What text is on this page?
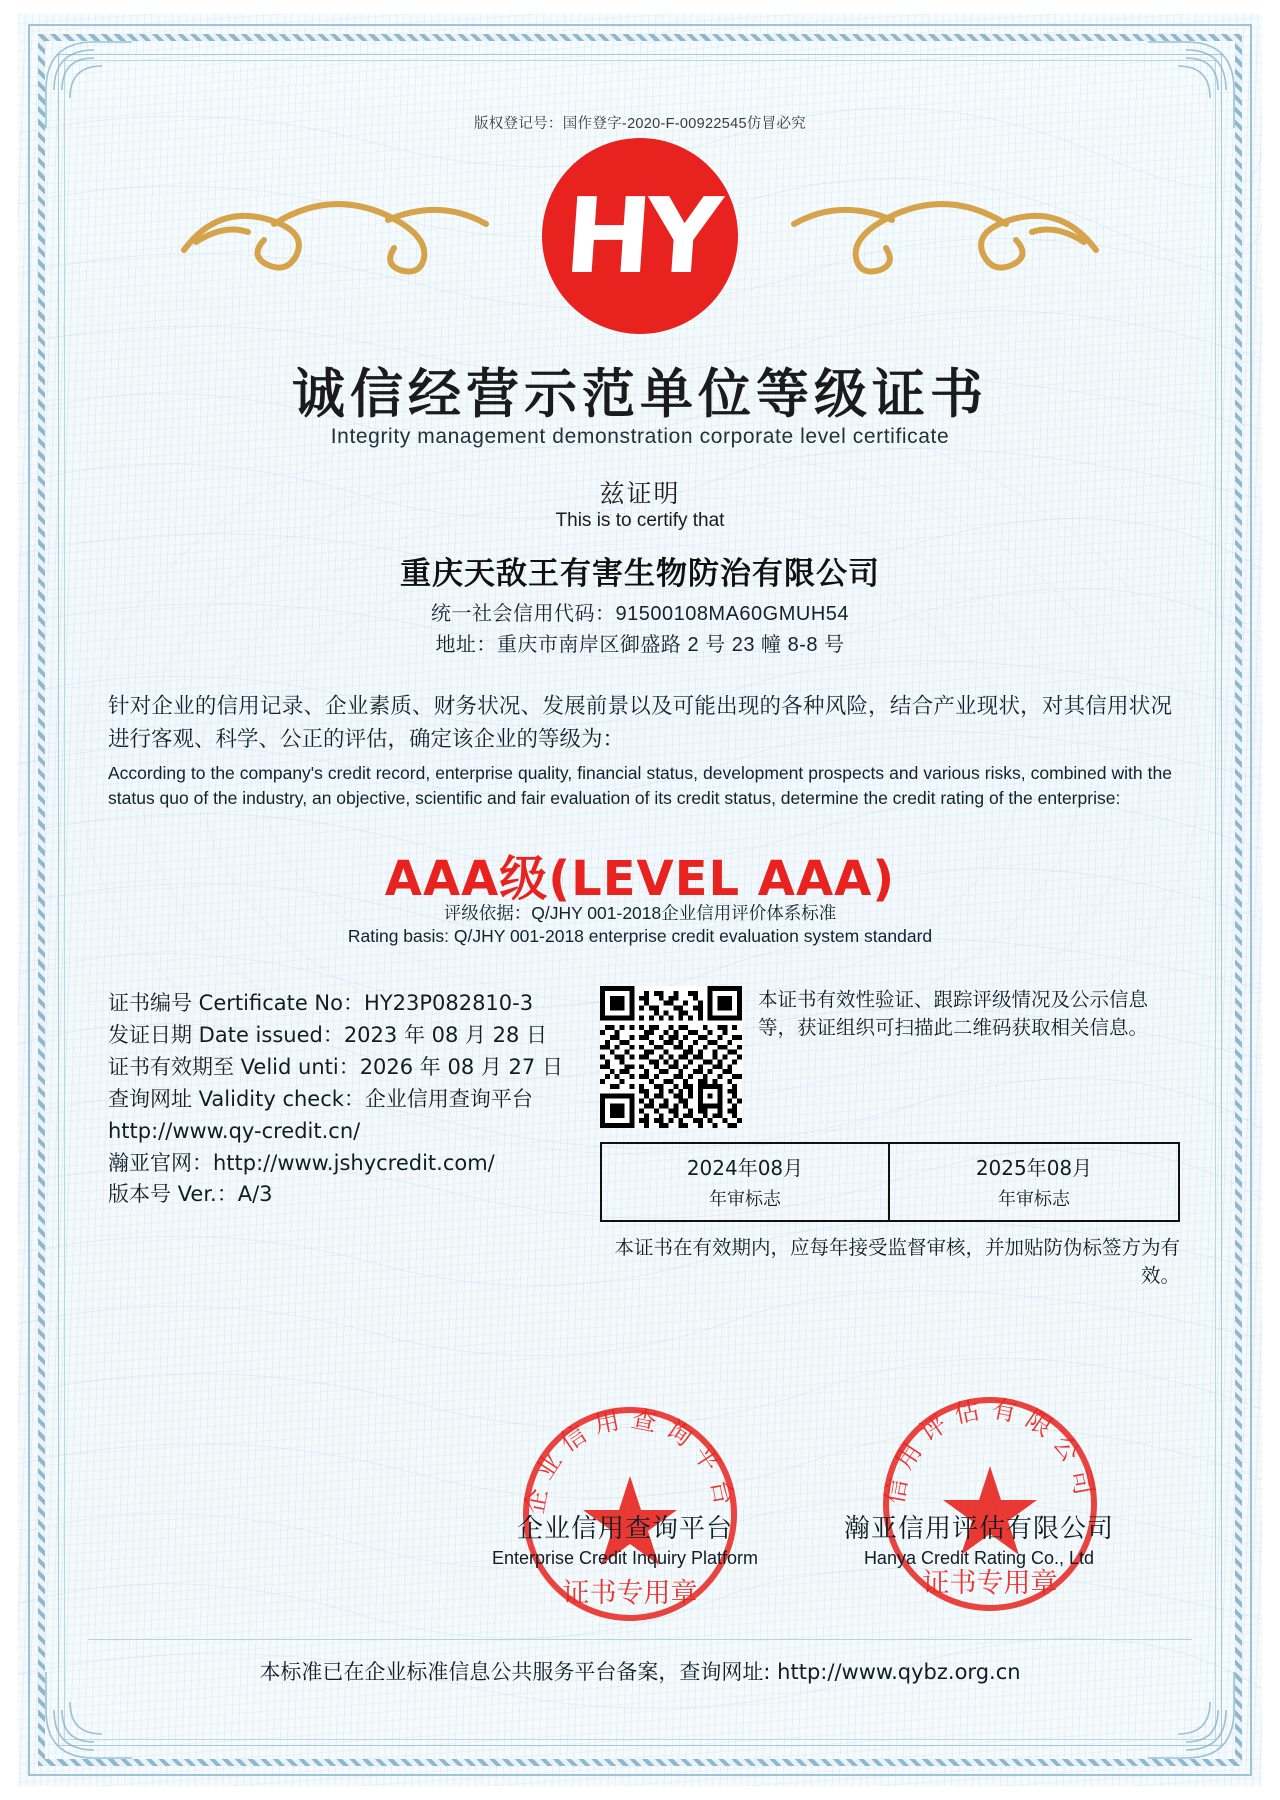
版权登记号：国作登字-2020-F-00922545仿冒必究
HY
诚信经营示范单位等级证书
Integrity management demonstration corporate level certificate
兹证明
This is to certify that
重庆天敌王有害生物防治有限公司
统一社会信用代码：91500108MA60GMUH54
地址：重庆市南岸区御盛路 2 号 23 幢 8-8 号
针对企业的信用记录、企业素质、财务状况、发展前景以及可能出现的各种风险，结合产业现状，对其信用状况进行客观、科学、公正的评估，确定该企业的等级为：
According to the company's credit record, enterprise quality, financial status, development prospects and various risks, combined with the status quo of the industry, an objective, scientific and fair evaluation of its credit status, determine the credit rating of the enterprise:
AAA级(LEVEL AAA)
评级依据：Q/JHY 001-2018企业信用评价体系标准
Rating basis: Q/JHY 001-2018 enterprise credit evaluation system standard
证书编号 Certificate No：HY23P082810-3
发证日期 Date issued：2023 年 08 月 28 日
证书有效期至 Velid unti：2026 年 08 月 27 日
查询网址 Validity check：企业信用查询平台
http://www.qy-credit.cn/
瀚亚官网：http://www.jshycredit.com/
版本号 Ver.：A/3
本证书有效性验证、跟踪评级情况及公示信息等，获证组织可扫描此二维码获取相关信息。
2024年08月
年审标志
2025年08月
年审标志
本证书在有效期内，应每年接受监督审核，并加贴防伪标签方为有效。
企业信用查询平台
证书专用章
信用评估有限公司
证书专用章
企业信用查询平台
Enterprise Credit Inquiry Platform
瀚亚信用评估有限公司
Hanya Credit Rating Co., Ltd
本标准已在企业标准信息公共服务平台备案，查询网址: http://www.qybz.org.cn
